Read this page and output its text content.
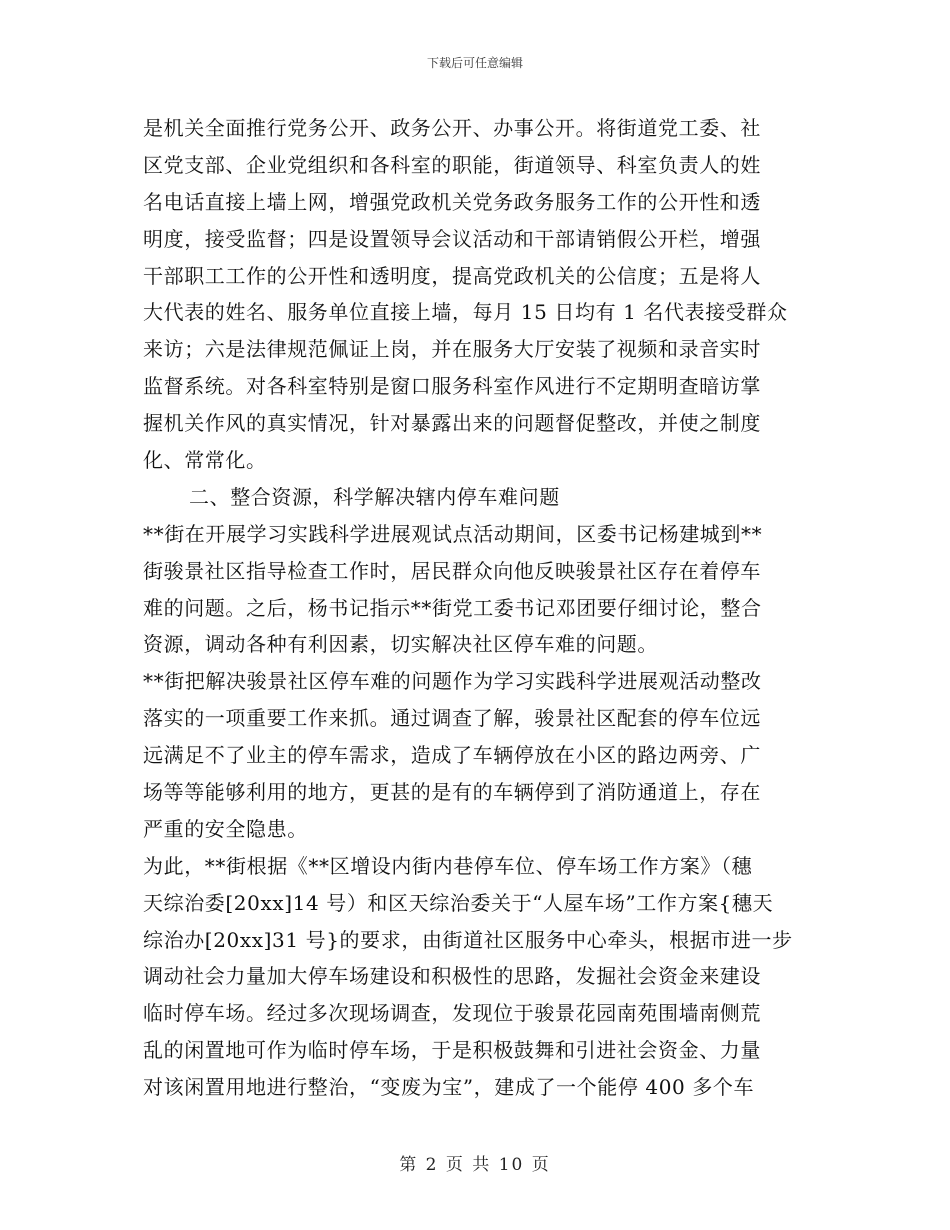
下载后可任意编辑
是机关全面推行党务公开、政务公开、办事公开。将街道党工委、社
区党支部、企业党组织和各科室的职能，街道领导、科室负责人的姓
名电话直接上墙上网，增强党政机关党务政务服务工作的公开性和透
明度，接受监督；四是设置领导会议活动和干部请销假公开栏，增强
干部职工工作的公开性和透明度，提高党政机关的公信度；五是将人
大代表的姓名、服务单位直接上墙，每月 15 日均有 1 名代表接受群众
来访；六是法律规范佩证上岗，并在服务大厅安装了视频和录音实时
监督系统。对各科室特别是窗口服务科室作风进行不定期明查暗访掌
握机关作风的真实情况，针对暴露出来的问题督促整改，并使之制度
化、常常化。
二、整合资源，科学解决辖内停车难问题
**街在开展学习实践科学进展观试点活动期间，区委书记杨建城到**
街骏景社区指导检查工作时，居民群众向他反映骏景社区存在着停车
难的问题。之后，杨书记指示**街党工委书记邓团要仔细讨论，整合
资源，调动各种有利因素，切实解决社区停车难的问题。
**街把解决骏景社区停车难的问题作为学习实践科学进展观活动整改
落实的一项重要工作来抓。通过调查了解，骏景社区配套的停车位远
远满足不了业主的停车需求，造成了车辆停放在小区的路边两旁、广
场等等能够利用的地方，更甚的是有的车辆停到了消防通道上，存在
严重的安全隐患。
为此，**街根据《**区增设内街内巷停车位、停车场工作方案》（穗
天综治委[20xx]14 号）和区天综治委关于“人屋车场”工作方案{穗天
综治办[20xx]31 号}的要求，由街道社区服务中心牵头，根据市进一步
调动社会力量加大停车场建设和积极性的思路，发掘社会资金来建设
临时停车场。经过多次现场调查，发现位于骏景花园南苑围墙南侧荒
乱的闲置地可作为临时停车场，于是积极鼓舞和引进社会资金、力量
对该闲置用地进行整治，“变废为宝”，建成了一个能停 400 多个车
第 2 页 共 10 页
